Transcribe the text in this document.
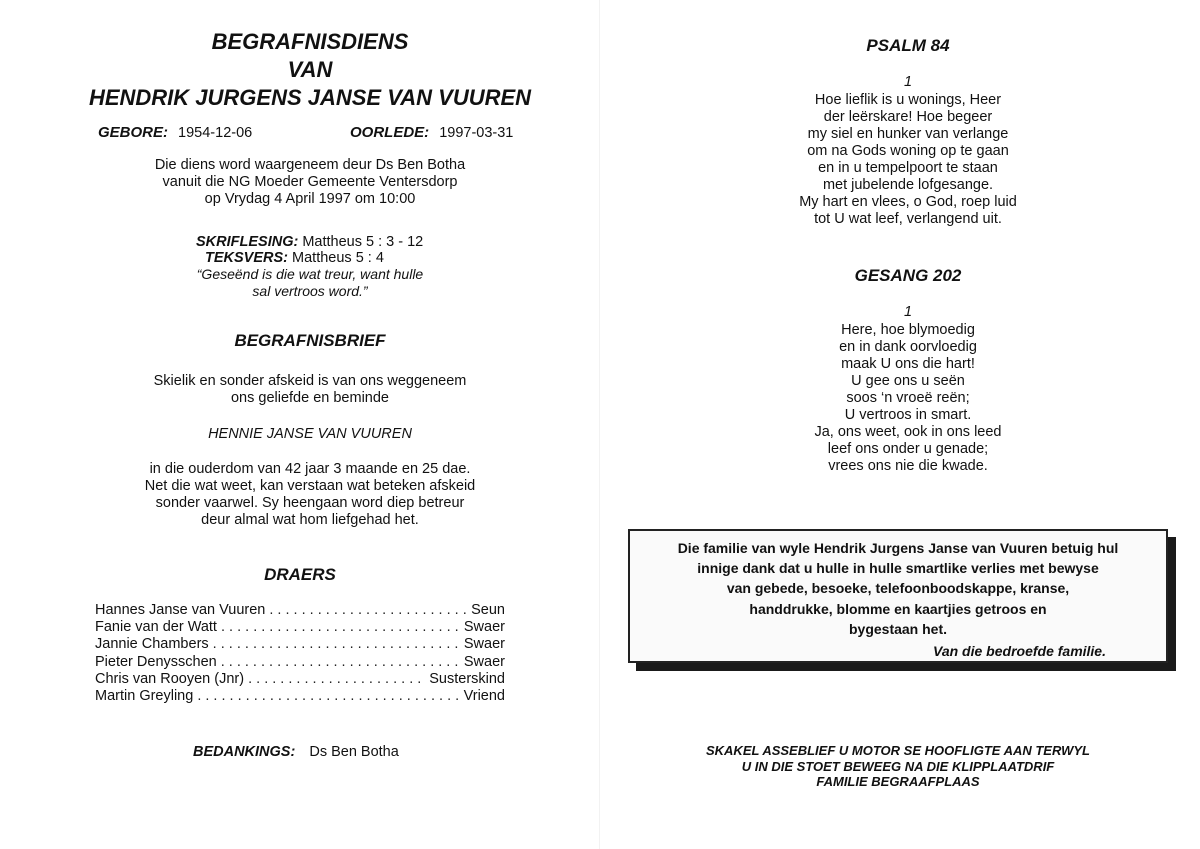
BEGRAFNISDIENS
VAN
HENDRIK JURGENS JANSE VAN VUUREN
GEBORE: 1954-12-06	OORLEDE: 1997-03-31
Die diens word waargeneem deur Ds Ben Botha
vanuit die NG Moeder Gemeente Ventersdorp
op Vrydag 4 April 1997 om 10:00
SKRIFLESING: Mattheus 5 : 3 - 12
TEKSVERS: Mattheus 5 : 4
“Geseënd is die wat treur, want hulle
sal vertroos word.”
BEGRAFNISBRIEF
Skielik en sonder afskeid is van ons weggeneem
ons geliefde en beminde
HENNIE JANSE VAN VUUREN
in die ouderdom van 42 jaar 3 maande en 25 dae.
Net die wat weet, kan verstaan wat beteken afskeid
sonder vaarwel. Sy heengaan word diep betreur
deur almal wat hom liefgehad het.
DRAERS
Hannes Janse van Vuuren . . .	Seun
Fanie van der Watt . . .	Swaer
Jannie Chambers . . .	Swaer
Pieter Denysschen . . .	Swaer
Chris van Rooyen (Jnr) . . .	Susterskind
Martin Greyling . . .	Vriend
BEDANKINGS: Ds Ben Botha
PSALM 84
1
Hoe lieflik is u wonings, Heer
der leërskare! Hoe begeer
my siel en hunker van verlange
om na Gods woning op te gaan
en in u tempelpoort te staan
met jubelende lofgesange.
My hart en vlees, o God, roep luid
tot U wat leef, verlangend uit.
GESANG 202
1
Here, hoe blymoedig
en in dank oorvloedig
maak U ons die hart!
U gee ons u seën
soos ‘n vroeë reën;
U vertroos in smart.
Ja, ons weet, ook in ons leed
leef ons onder u genade;
vrees ons nie die kwade.
Die familie van wyle Hendrik Jurgens Janse van Vuuren betuig hul
innige dank dat u hulle in hulle smartlike verlies met bewyse
van gebede, besoeke, telefoonboodskappe, kranse,
handdrukke, blomme en kaartjies getroos en
bygestaan het.
Van die bedroefde familie.
SKAKEL ASSEBLIEF U MOTOR SE HOOFLIGTE AAN TERWYL
U IN DIE STOET BEWEEG NA DIE KLIPPLAATDRIF
FAMILIE BEGRAAFPLAAS
